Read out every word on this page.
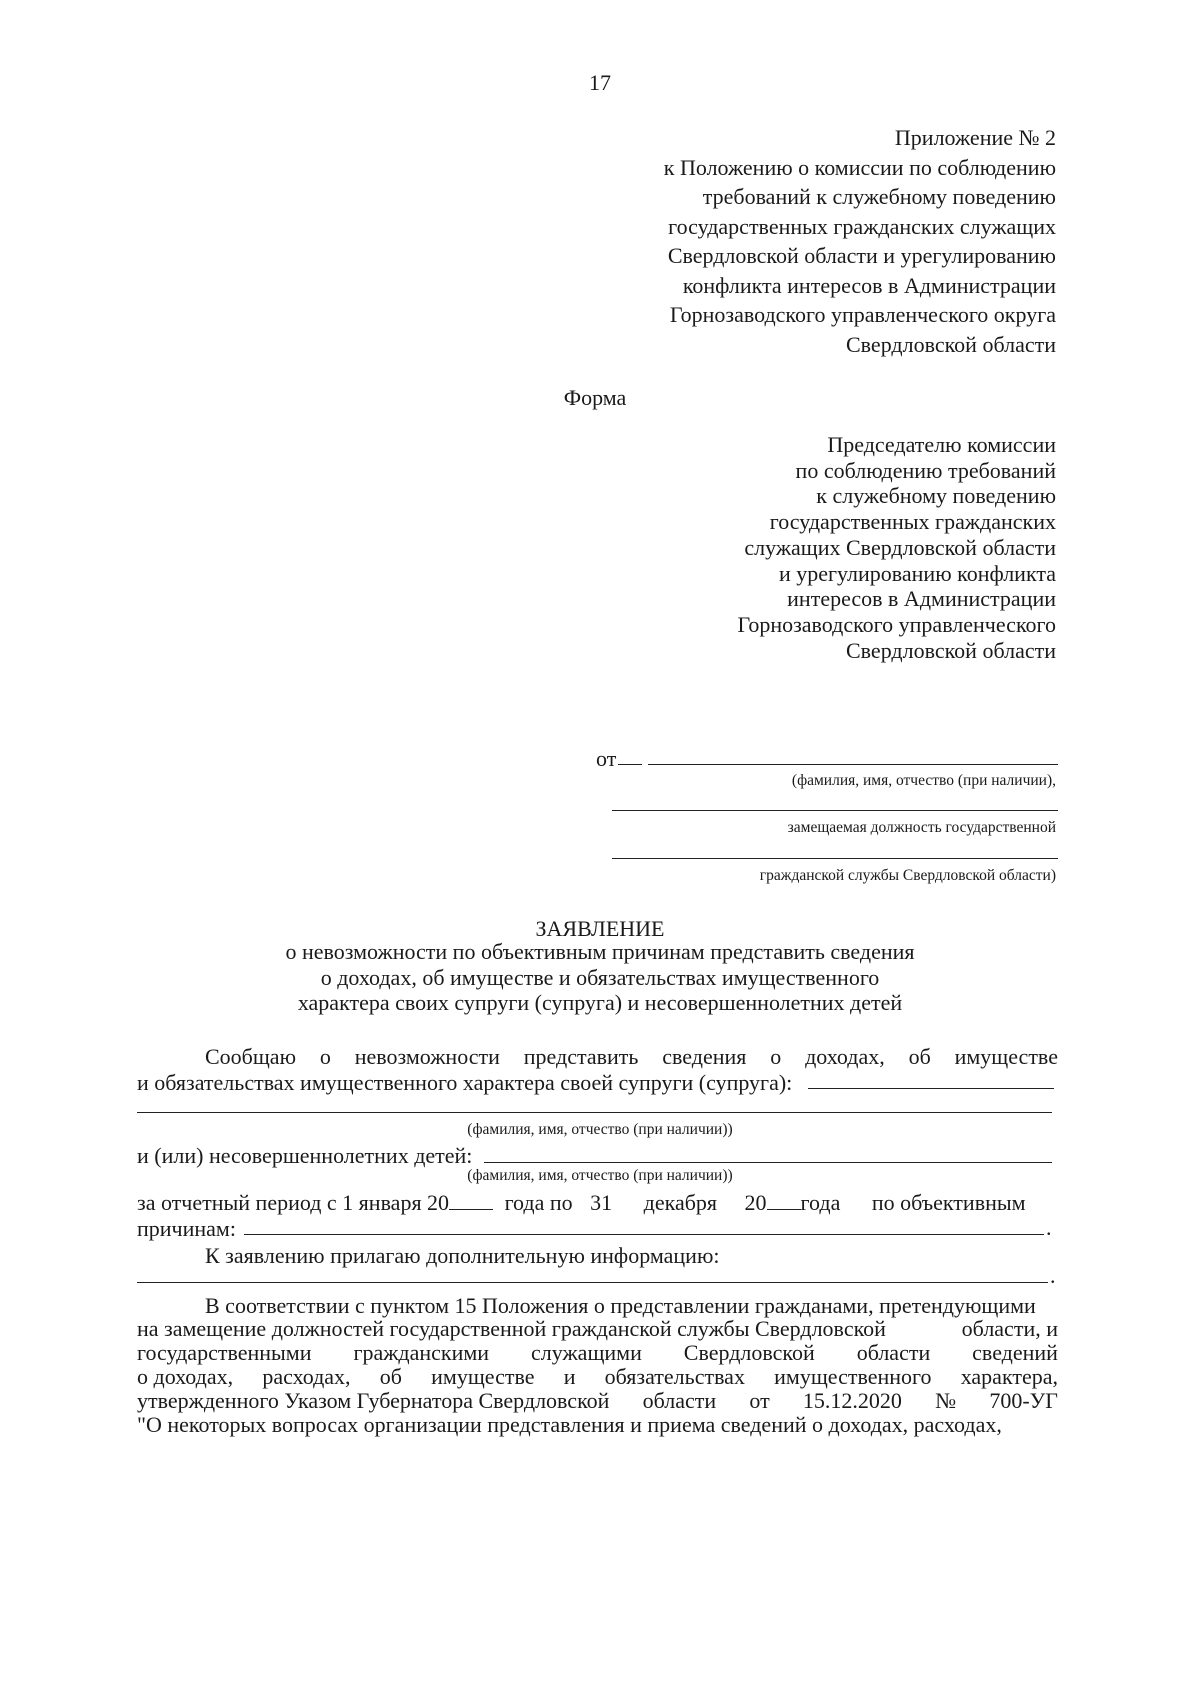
17
Приложение № 2
к Положению о комиссии по соблюдению
требований к служебному поведению
государственных гражданских служащих
Свердловской области и урегулированию
конфликта интересов в Администрации
Горнозаводского управленческого округа
Свердловской области
Форма
Председателю комиссии
по соблюдению требований
к служебному поведению
государственных гражданских
служащих Свердловской области
и урегулированию конфликта
интересов в Администрации
Горнозаводского управленческого
Свердловской области
от
(фамилия, имя, отчество (при наличии),
замещаемая должность государственной
гражданской службы Свердловской области)
ЗАЯВЛЕНИЕ
о невозможности по объективным причинам представить сведения
о доходах, об имуществе и обязательствах имущественного
характера своих супруги (супруга) и несовершеннолетних детей
Сообщаю о невозможности представить сведения о доходах, об имуществе
и обязательствах имущественного характера своей супруги (супруга):
(фамилия, имя, отчество (при наличии))
и (или) несовершеннолетних детей:
(фамилия, имя, отчество (при наличии))
за отчетный период с 1 января 20	года по 31 декабря 20 года по объективным
причинам:	.
К заявлению прилагаю дополнительную информацию:
.
В соответствии с пунктом 15 Положения о представлении гражданами, претендующими
на замещение должностей государственной гражданской службы Свердловской	области, и
государственными гражданскими служащими Свердловской области сведений
о доходах, расходах, об имуществе и обязательствах имущественного характера,
утвержденного Указом Губернатора Свердловской области от 15.12.2020 № 700-УГ
"О некоторых вопросах организации представления и приема сведений о доходах, расходах,
